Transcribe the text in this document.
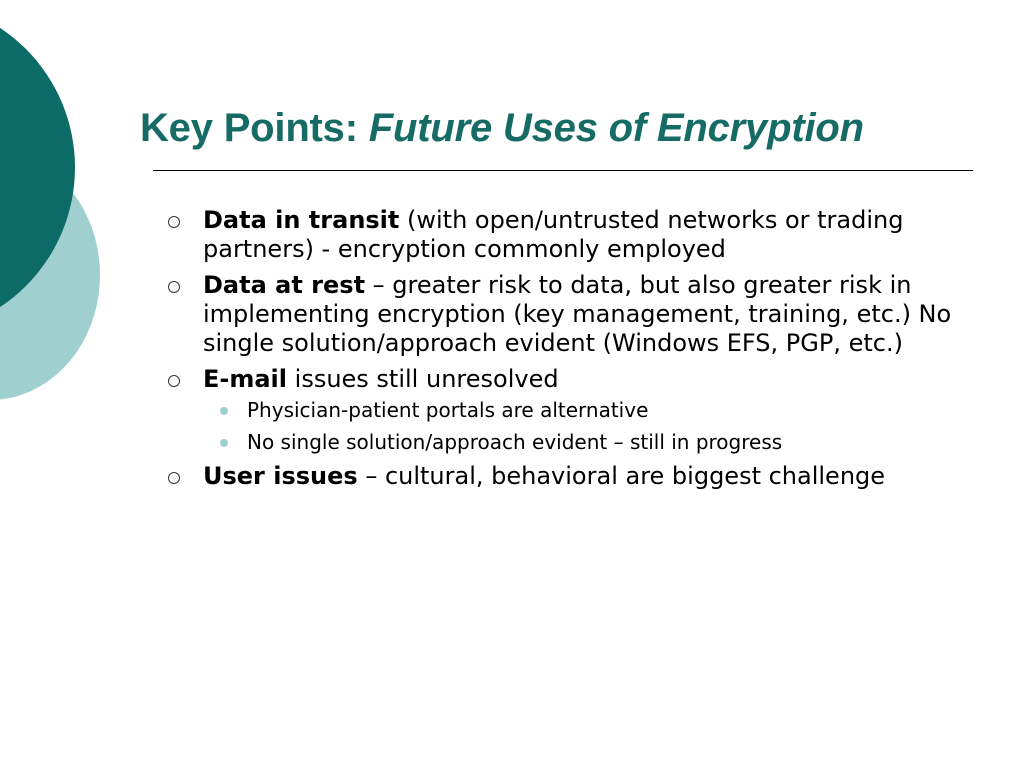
Key Points: Future Uses of Encryption
Data in transit (with open/untrusted networks or trading partners) - encryption commonly employed
Data at rest – greater risk to data, but also greater risk in implementing encryption (key management, training, etc.) No single solution/approach evident (Windows EFS, PGP, etc.)
E-mail issues still unresolved
Physician-patient portals are alternative
No single solution/approach evident – still in progress
User issues – cultural, behavioral are biggest challenge
